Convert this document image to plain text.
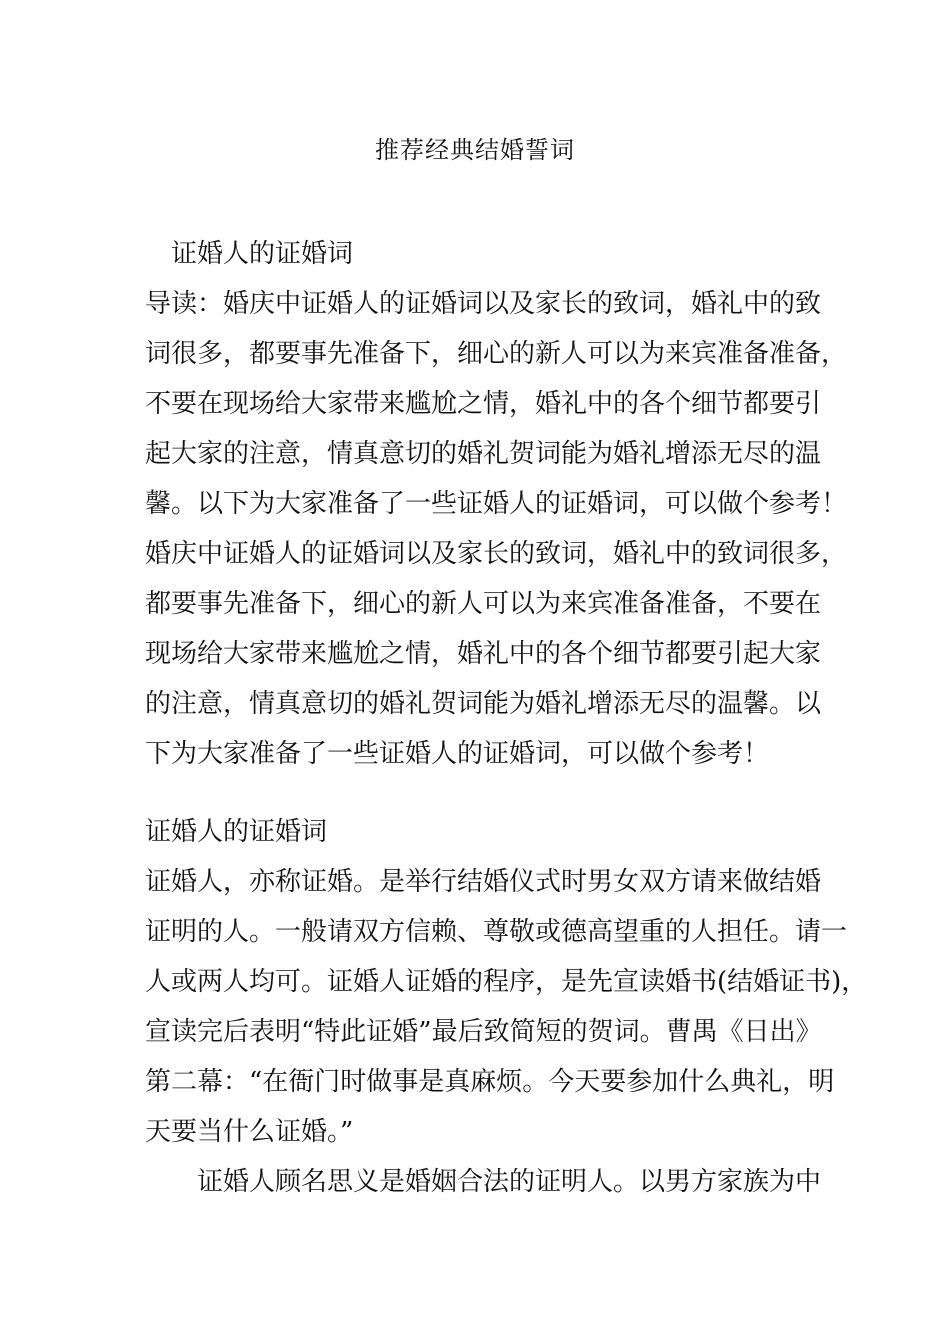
推荐经典结婚誓词
证婚人的证婚词
导读：婚庆中证婚人的证婚词以及家长的致词，婚礼中的致
词很多，都要事先准备下，细心的新人可以为来宾准备准备，
不要在现场给大家带来尴尬之情，婚礼中的各个细节都要引
起大家的注意，情真意切的婚礼贺词能为婚礼增添无尽的温
馨。以下为大家准备了一些证婚人的证婚词，可以做个参考！
婚庆中证婚人的证婚词以及家长的致词，婚礼中的致词很多，
都要事先准备下，细心的新人可以为来宾准备准备，不要在
现场给大家带来尴尬之情，婚礼中的各个细节都要引起大家
的注意，情真意切的婚礼贺词能为婚礼增添无尽的温馨。以
下为大家准备了一些证婚人的证婚词，可以做个参考！
证婚人的证婚词
证婚人，亦称证婚。是举行结婚仪式时男女双方请来做结婚
证明的人。一般请双方信赖、尊敬或德高望重的人担任。请一
人或两人均可。证婚人证婚的程序，是先宣读婚书(结婚证书)，
宣读完后表明“特此证婚”最后致简短的贺词。曹禺《日出》
第二幕：“在衙门时做事是真麻烦。今天要参加什么典礼，明
天要当什么证婚。”
证婚人顾名思义是婚姻合法的证明人。以男方家族为中
